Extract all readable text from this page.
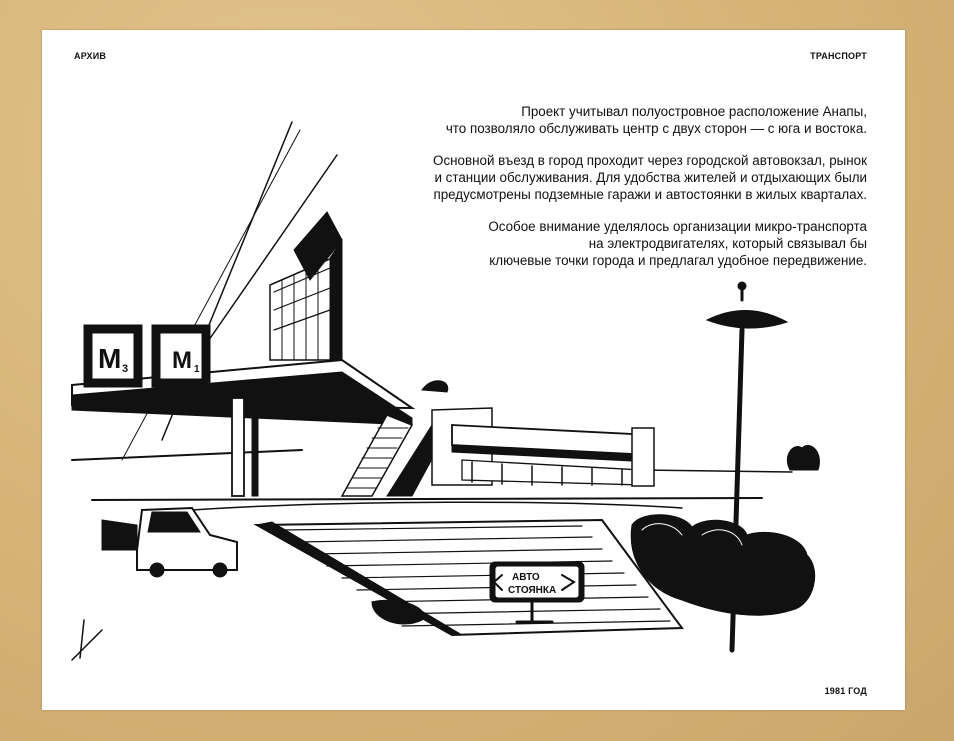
АРХИВ	ТРАНСПОРТ
1981 ГОД
М 3 М 1
АВТО
СТОЯНКА

Проект учитывал полуостровное расположение Анапы,
что позволяло обслуживать центр с двух сторон — с юга и востока.

Основной въезд в город проходит через городской автовокзал, рынок
и станции обслуживания. Для удобства жителей и отдыхающих были
предусмотрены подземные гаражи и автостоянки в жилых кварталах.

Особое внимание уделялось организации микро-транспорта
на электродвигателях, который связывал бы
ключевые точки города и предлагал удобное передвижение.
